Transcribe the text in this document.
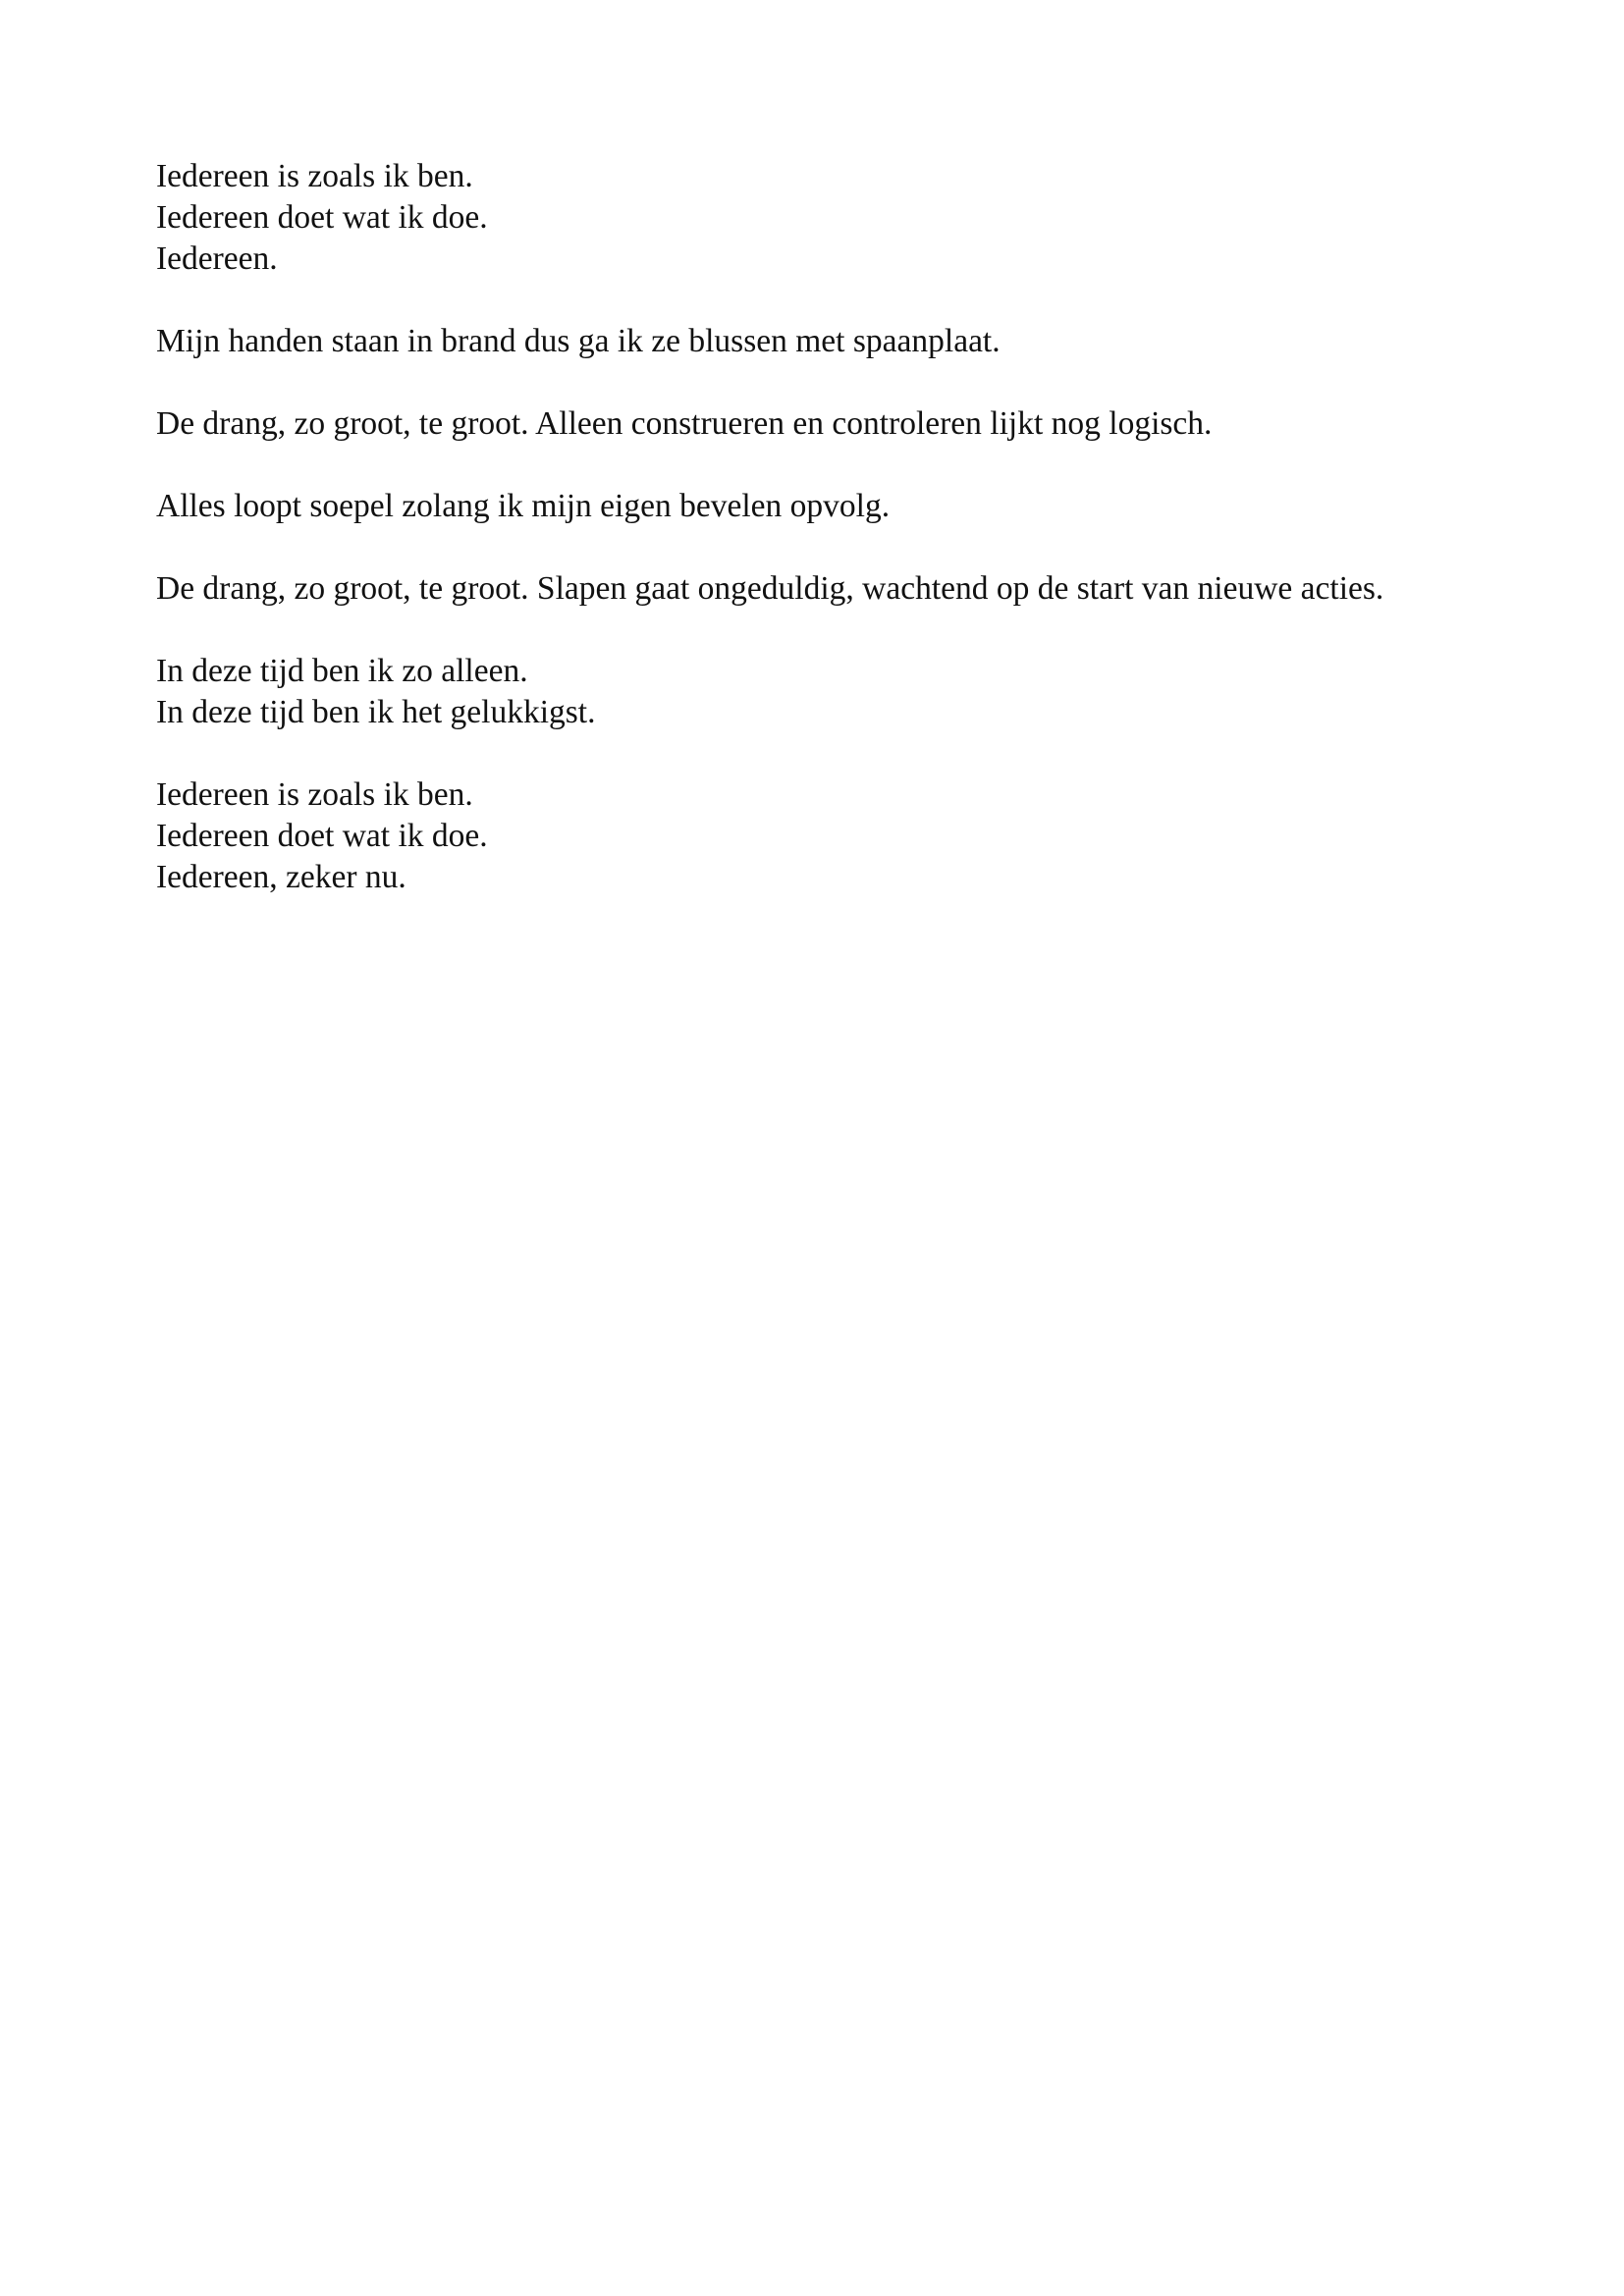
Iedereen is zoals ik ben.
Iedereen doet wat ik doe.
Iedereen.
Mijn handen staan in brand dus ga ik ze blussen met spaanplaat.
De drang, zo groot, te groot. Alleen construeren en controleren lijkt nog logisch.
Alles loopt soepel zolang ik mijn eigen bevelen opvolg.
De drang, zo groot, te groot. Slapen gaat ongeduldig, wachtend op de start van nieuwe acties.
In deze tijd ben ik zo alleen.
In deze tijd ben ik het gelukkigst.
Iedereen is zoals ik ben.
Iedereen doet wat ik doe.
Iedereen, zeker nu.
